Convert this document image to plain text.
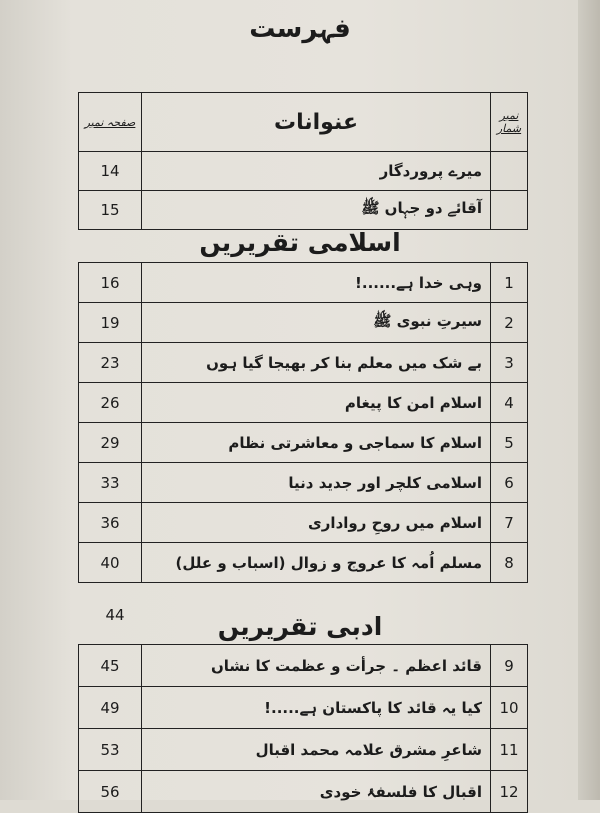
فہرست
صفحہ نمبر	عنوانات	نمبر شمار
14	میرے پروردگار	
15	آقائے دو جہاں ﷺ	
اسلامی تقریریں
16	وہی خدا ہے......!	1
19	سیرتِ نبوی ﷺ	2
23	بے شک میں معلم بنا کر بھیجا گیا ہوں	3
26	اسلام امن کا پیغام	4
29	اسلام کا سماجی و معاشرتی نظام	5
33	اسلامی کلچر اور جدید دنیا	6
36	اسلام میں روحِ رواداری	7
40	مسلم اُمہ کا عروج و زوال (اسباب و علل)	8
44	ادبی تقریریں
45	قائد اعظم ۔ جرأت و عظمت کا نشاں	9
49	کیا یہ قائد کا پاکستان ہے.....!	10
53	شاعرِ مشرق علامہ محمد اقبال	11
56	اقبال کا فلسفۂ خودی	12
